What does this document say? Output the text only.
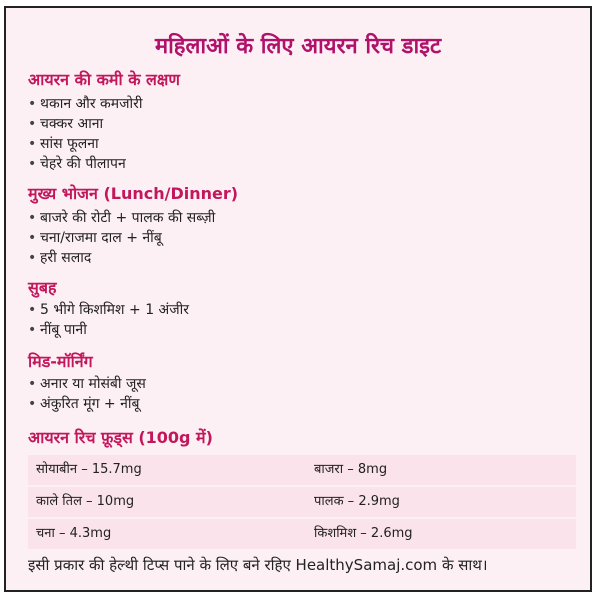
महिलाओं के लिए आयरन रिच डाइट
आयरन की कमी के लक्षण
• थकान और कमजोरी
• चक्कर आना
• सांस फूलना
• चेहरे की पीलापन
मुख्य भोजन (Lunch/Dinner)
• बाजरे की रोटी + पालक की सब्ज़ी
• चना/राजमा दाल + नींबू
• हरी सलाद
सुबह
• 5 भीगे किशमिश + 1 अंजीर
• नींबू पानी
मिड-मॉर्निंग
• अनार या मोसंबी जूस
• अंकुरित मूंग + नींबू
आयरन रिच फ़ूड्स (100g में)
सोयाबीन – 15.7mg	बाजरा – 8mg
काले तिल – 10mg	पालक – 2.9mg
चना – 4.3mg	किशमिश – 2.6mg
इसी प्रकार की हेल्थी टिप्स पाने के लिए बने रहिए HealthySamaj.com के साथ।
